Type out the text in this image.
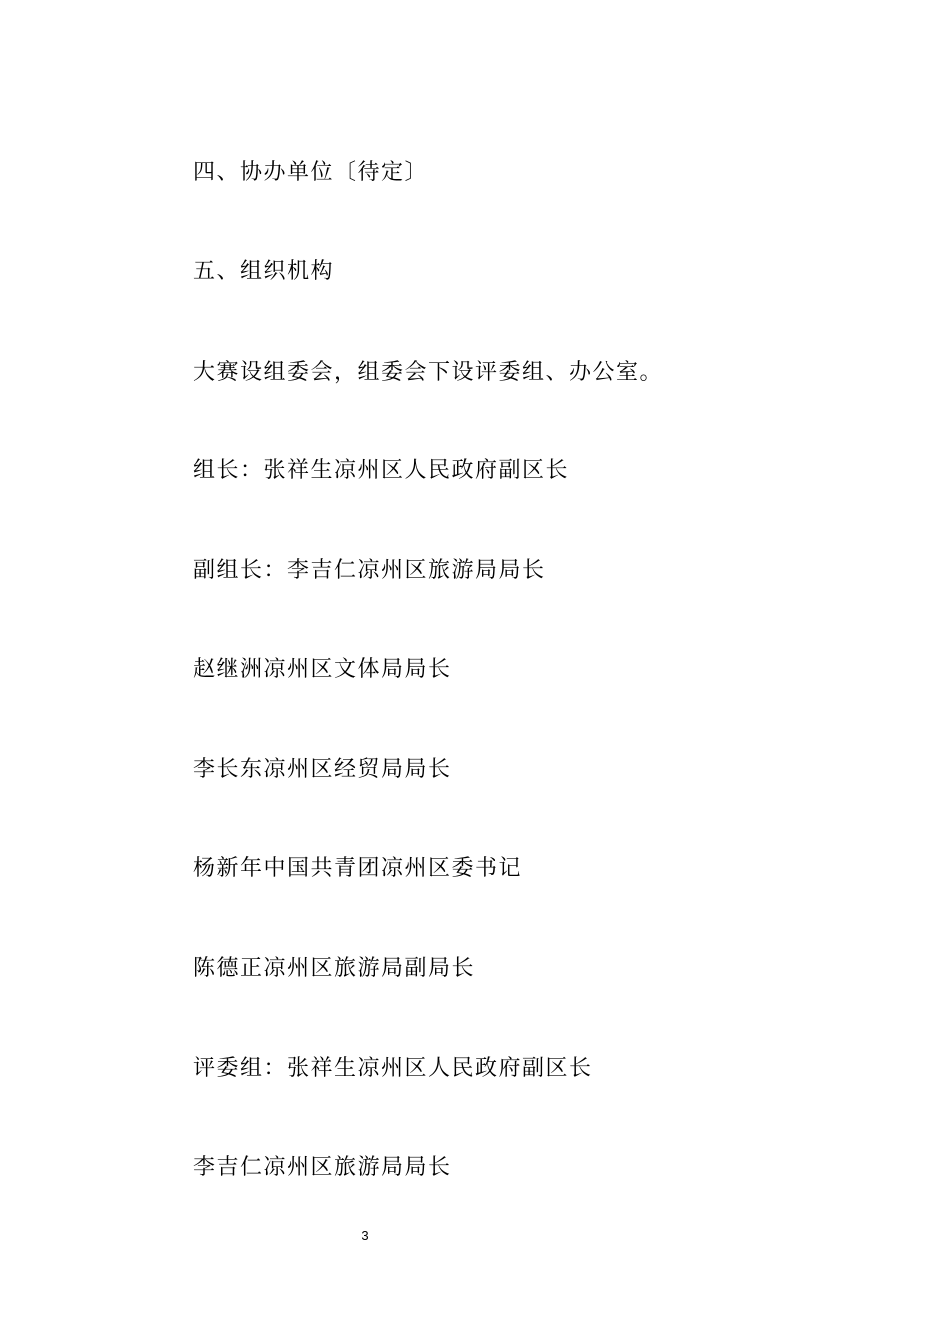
四、协办单位〔待定〕

五、组织机构

大赛设组委会，组委会下设评委组、办公室。

组长：张祥生凉州区人民政府副区长

副组长：李吉仁凉州区旅游局局长

赵继洲凉州区文体局局长

李长东凉州区经贸局局长

杨新年中国共青团凉州区委书记

陈德正凉州区旅游局副局长

评委组：张祥生凉州区人民政府副区长

李吉仁凉州区旅游局局长

3
